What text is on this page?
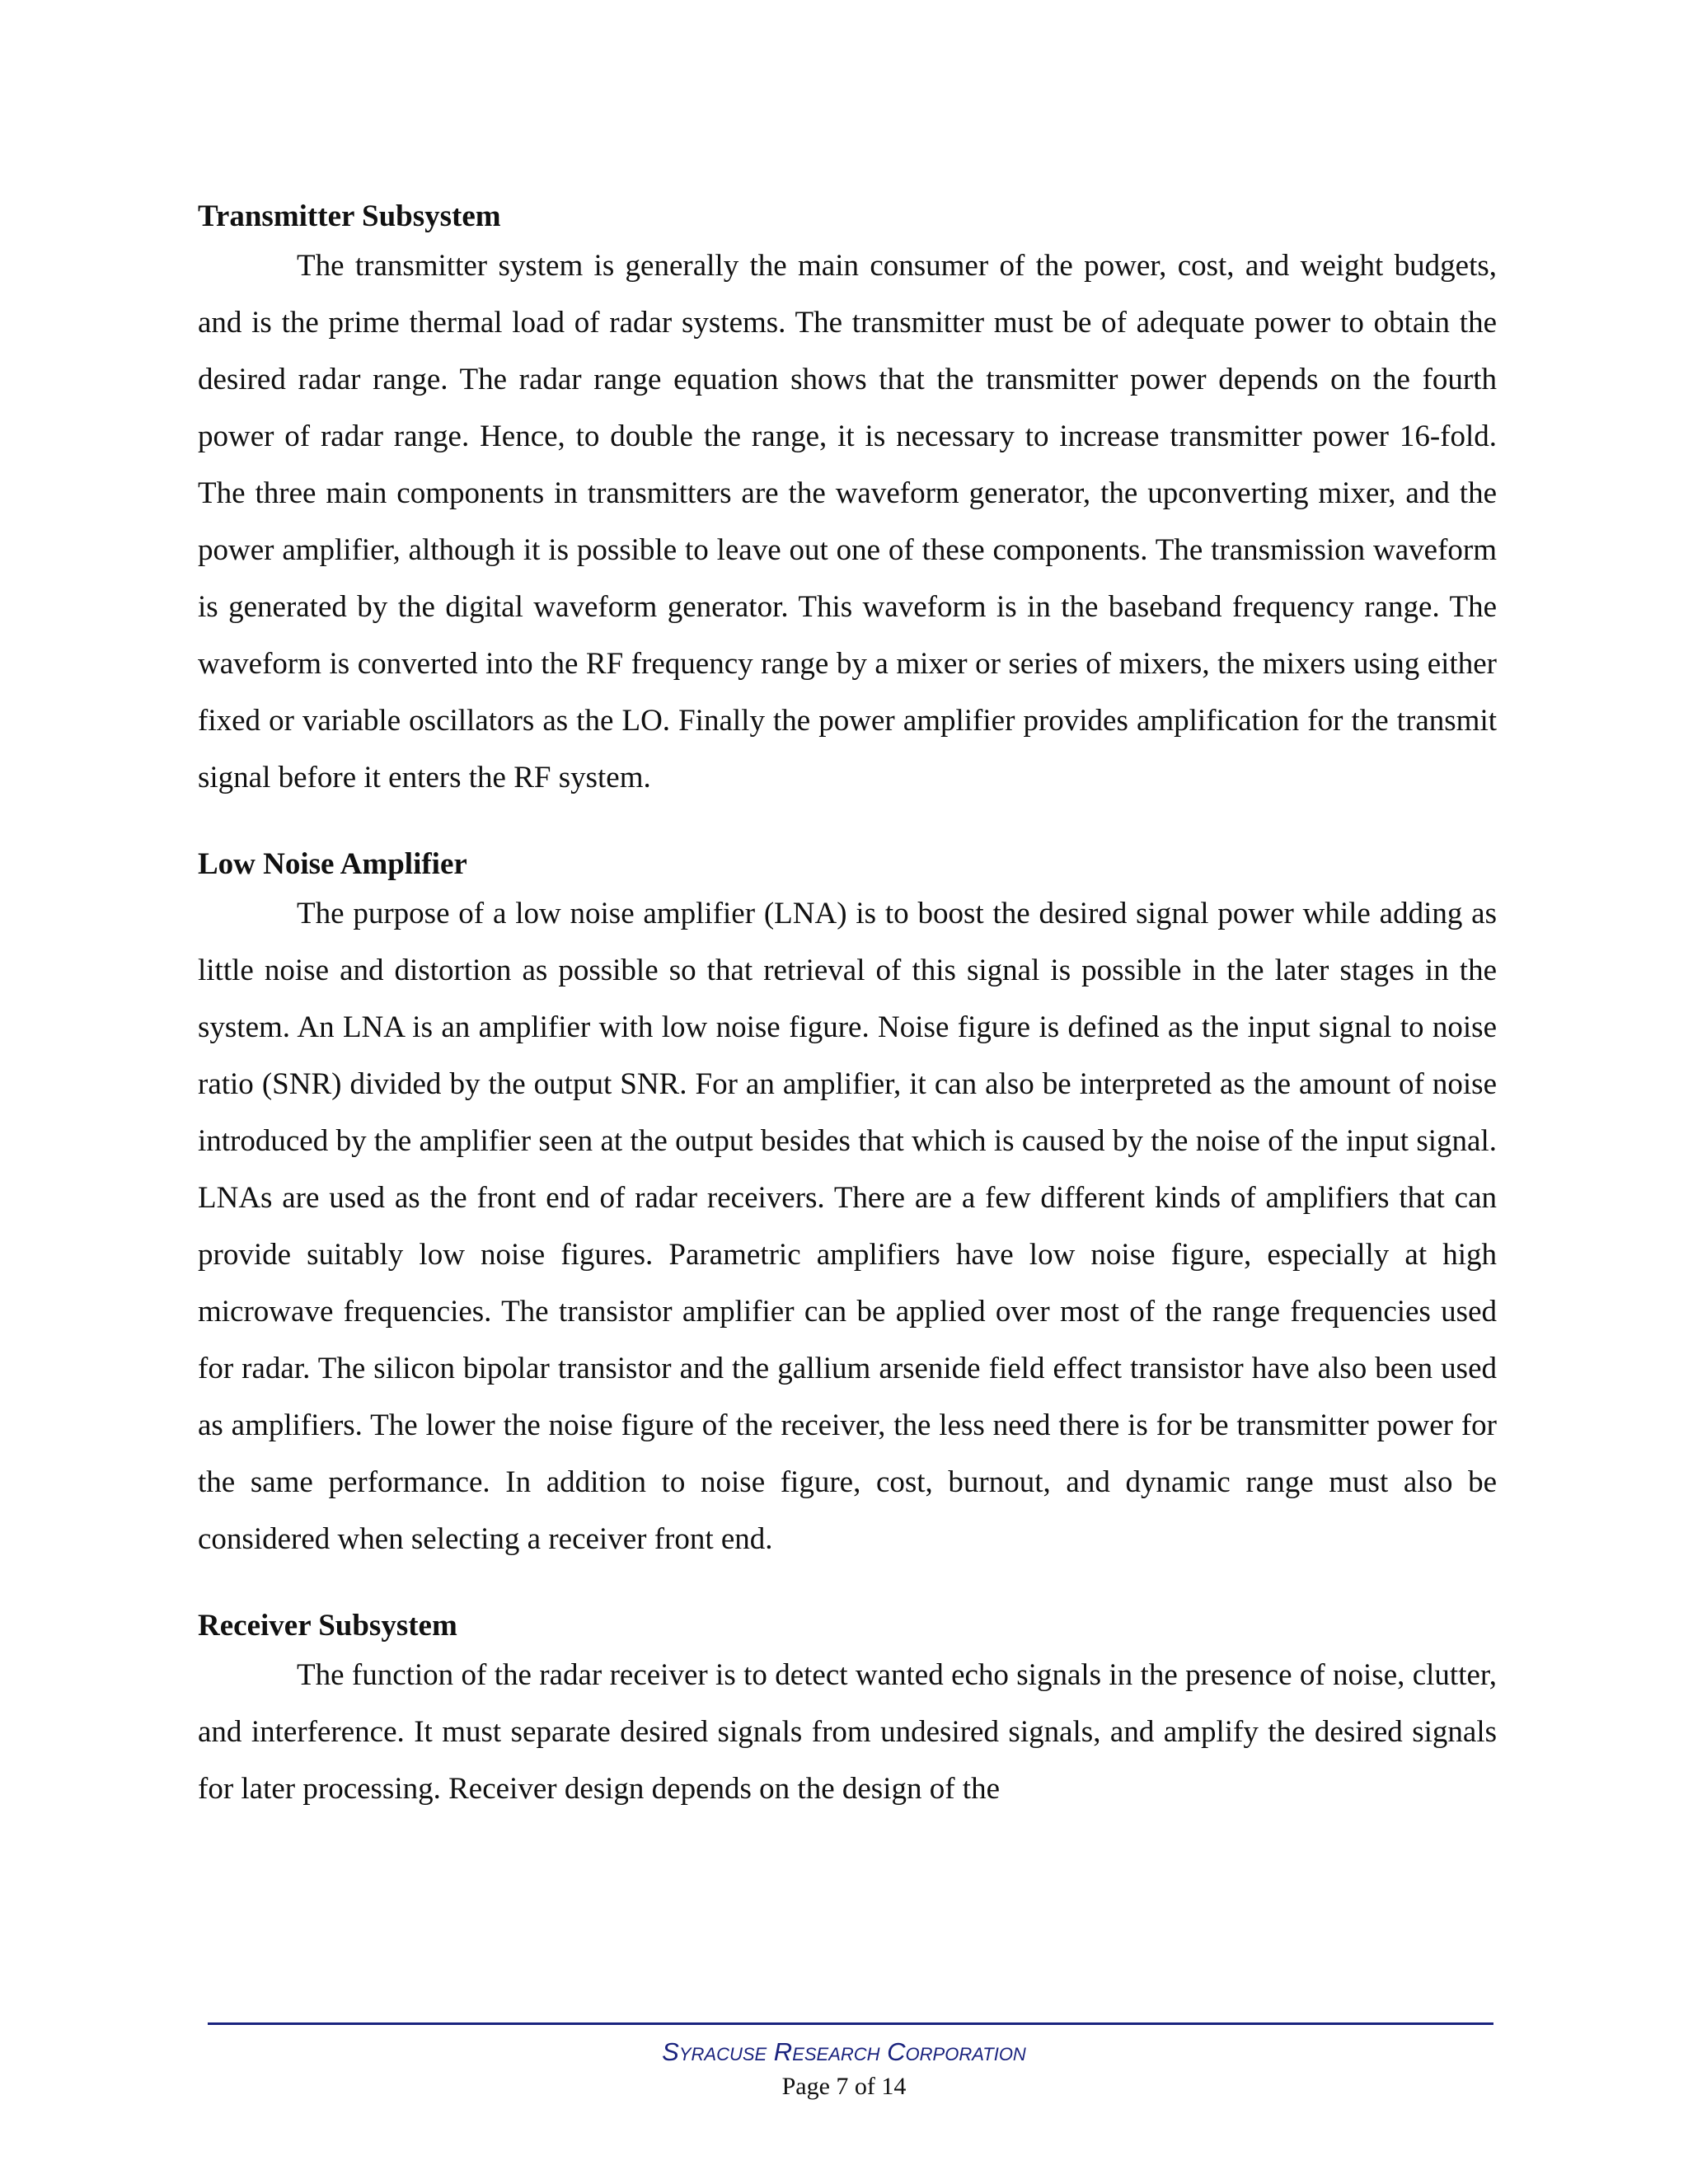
Transmitter Subsystem

The transmitter system is generally the main consumer of the power, cost, and weight budgets, and is the prime thermal load of radar systems. The transmitter must be of adequate power to obtain the desired radar range. The radar range equation shows that the transmitter power depends on the fourth power of radar range. Hence, to double the range, it is necessary to increase transmitter power 16-fold. The three main components in transmitters are the waveform generator, the upconverting mixer, and the power amplifier, although it is possible to leave out one of these components. The transmission waveform is generated by the digital waveform generator. This waveform is in the baseband frequency range. The waveform is converted into the RF frequency range by a mixer or series of mixers, the mixers using either fixed or variable oscillators as the LO. Finally the power amplifier provides amplification for the transmit signal before it enters the RF system.

Low Noise Amplifier

The purpose of a low noise amplifier (LNA) is to boost the desired signal power while adding as little noise and distortion as possible so that retrieval of this signal is possible in the later stages in the system. An LNA is an amplifier with low noise figure. Noise figure is defined as the input signal to noise ratio (SNR) divided by the output SNR. For an amplifier, it can also be interpreted as the amount of noise introduced by the amplifier seen at the output besides that which is caused by the noise of the input signal. LNAs are used as the front end of radar receivers. There are a few different kinds of amplifiers that can provide suitably low noise figures. Parametric amplifiers have low noise figure, especially at high microwave frequencies. The transistor amplifier can be applied over most of the range frequencies used for radar. The silicon bipolar transistor and the gallium arsenide field effect transistor have also been used as amplifiers. The lower the noise figure of the receiver, the less need there is for be transmitter power for the same performance. In addition to noise figure, cost, burnout, and dynamic range must also be considered when selecting a receiver front end.

Receiver Subsystem

The function of the radar receiver is to detect wanted echo signals in the presence of noise, clutter, and interference. It must separate desired signals from undesired signals, and amplify the desired signals for later processing. Receiver design depends on the design of the

Syracuse Research Corporation
Page 7 of 14
